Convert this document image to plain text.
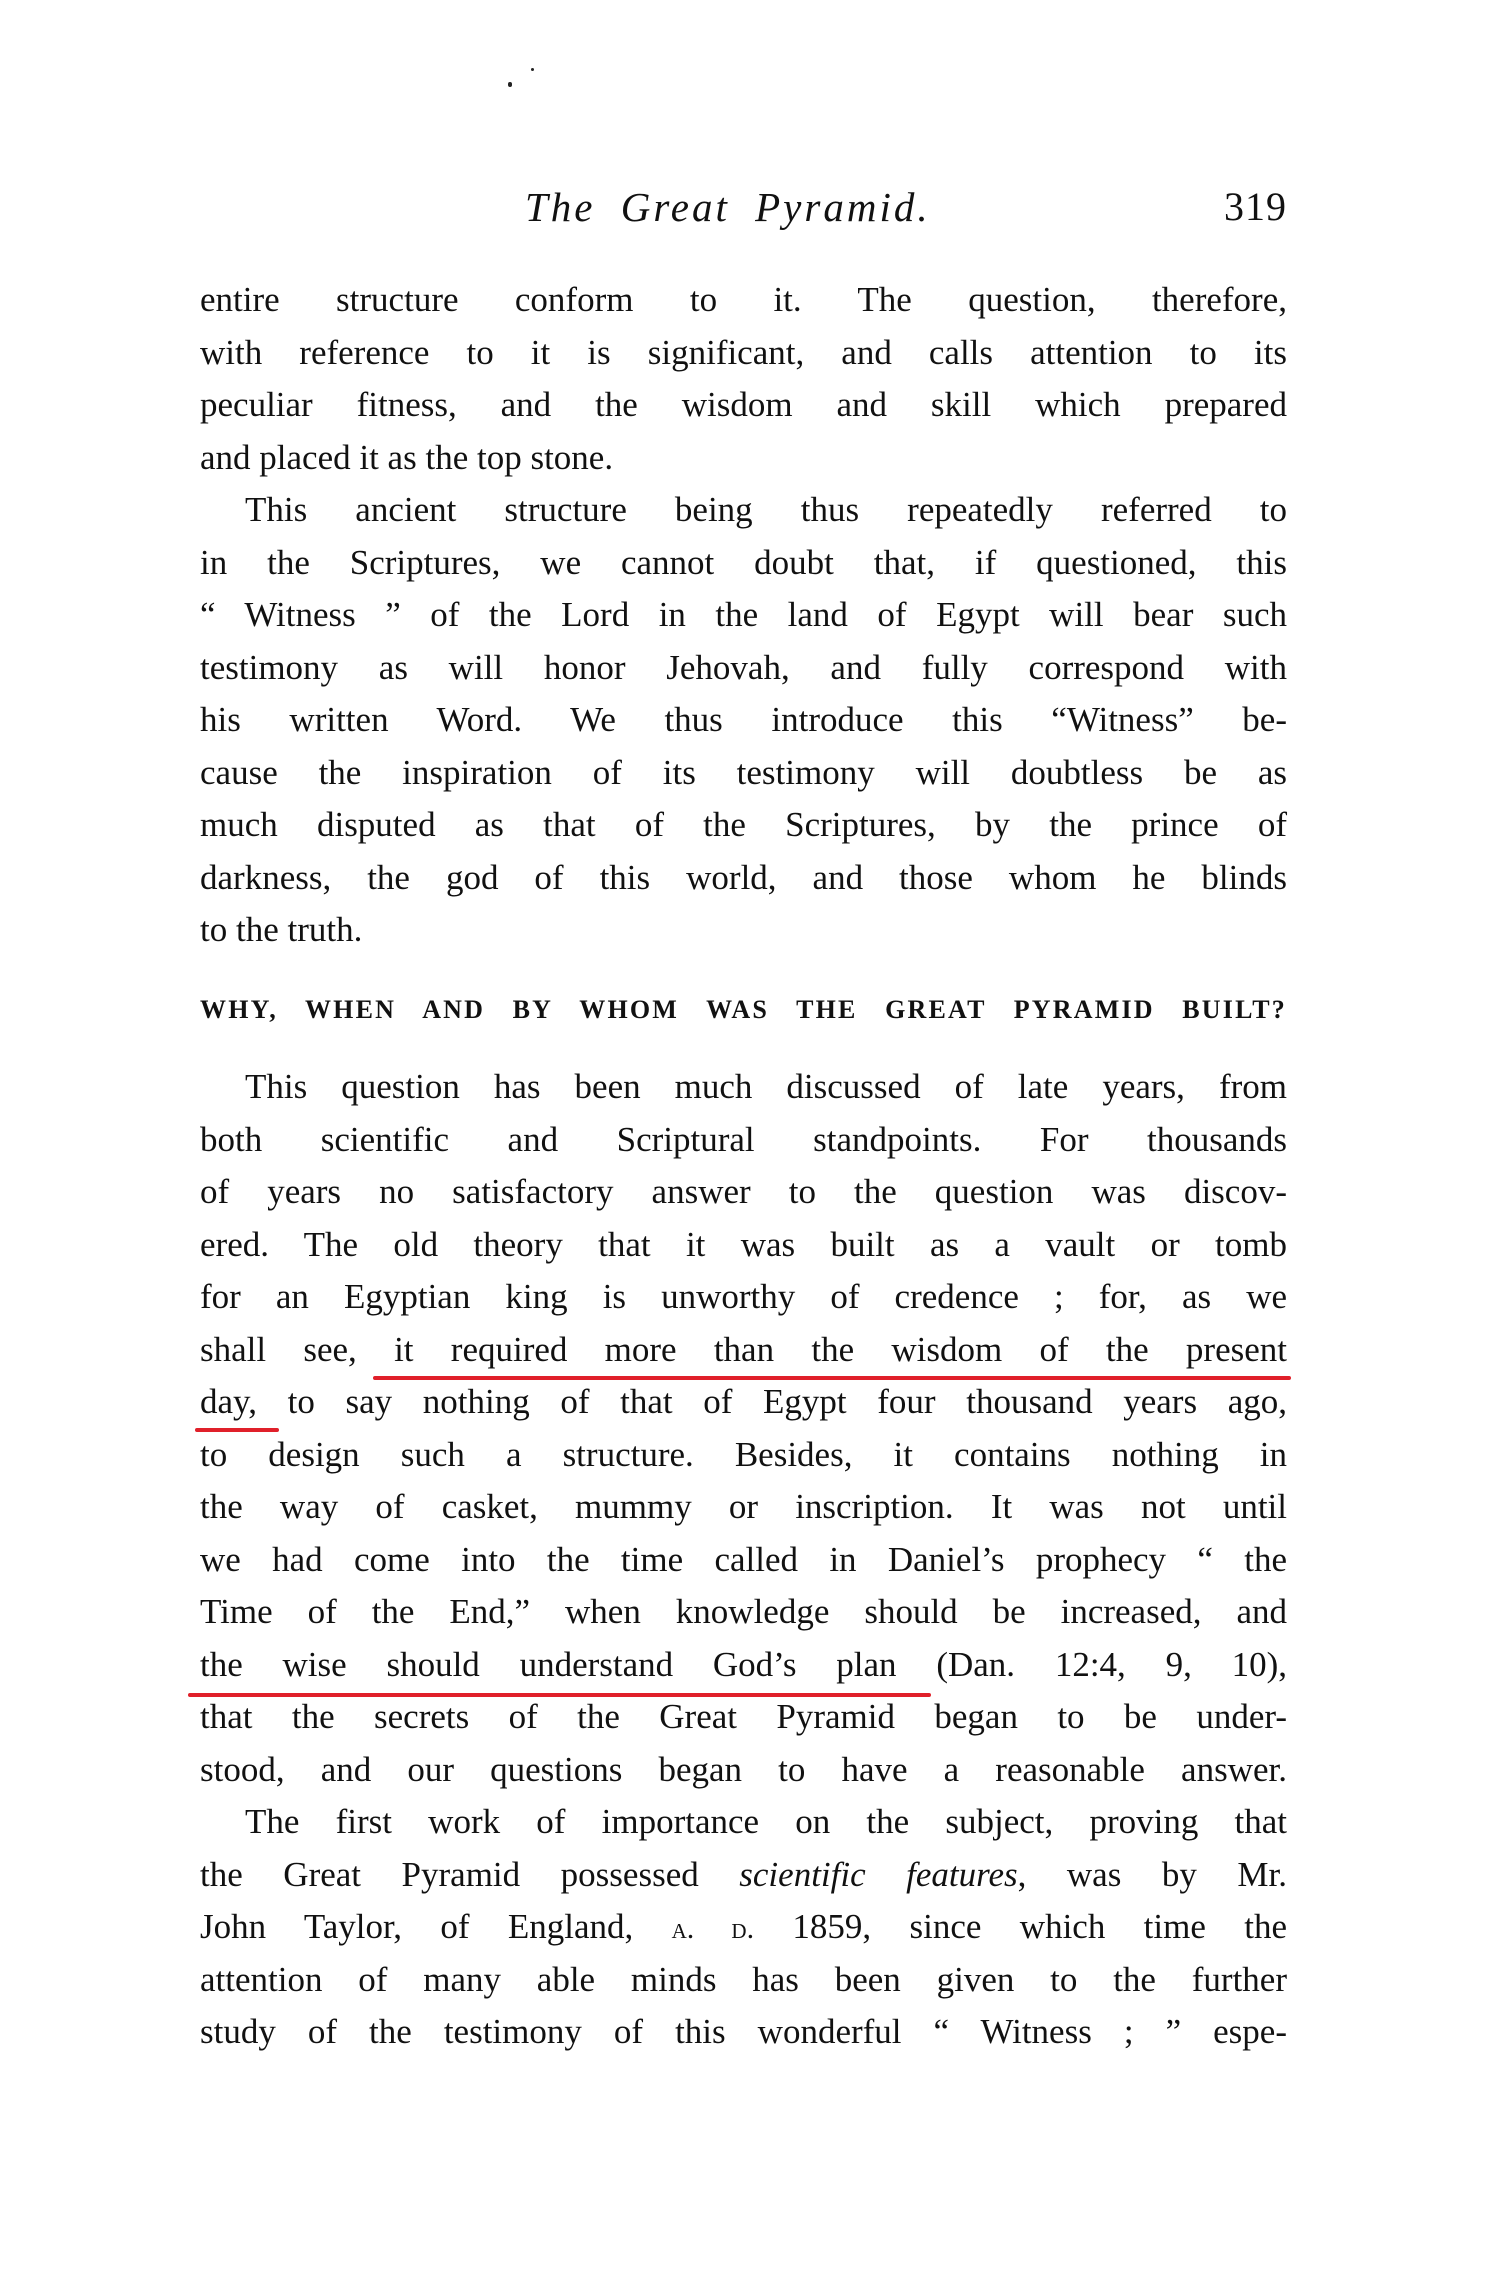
The Great Pyramid.	319
entire structure conform to it. The question, therefore,
with reference to it is significant, and calls attention to its
peculiar fitness, and the wisdom and skill which prepared
and placed it as the top stone.
This ancient structure being thus repeatedly referred to
in the Scriptures, we cannot doubt that, if questioned, this
“ Witness ” of the Lord in the land of Egypt will bear such
testimony as will honor Jehovah, and fully correspond with
his written Word. We thus introduce this “Witness” be-
cause the inspiration of its testimony will doubtless be as
much disputed as that of the Scriptures, by the prince of
darkness, the god of this world, and those whom he blinds
to the truth.
WHY, WHEN AND BY WHOM WAS THE GREAT PYRAMID BUILT?
This question has been much discussed of late years, from
both scientific and Scriptural standpoints. For thousands
of years no satisfactory answer to the question was discov-
ered. The old theory that it was built as a vault or tomb
for an Egyptian king is unworthy of credence ; for, as we
shall see, it required more than the wisdom of the present
day, to say nothing of that of Egypt four thousand years ago,
to design such a structure. Besides, it contains nothing in
the way of casket, mummy or inscription. It was not until
we had come into the time called in Daniel’s prophecy “ the
Time of the End,” when knowledge should be increased, and
the wise should understand God’s plan (Dan. 12:4, 9, 10),
that the secrets of the Great Pyramid began to be under-
stood, and our questions began to have a reasonable answer.
The first work of importance on the subject, proving that
the Great Pyramid possessed scientific features, was by Mr.
John Taylor, of England, a. d. 1859, since which time the
attention of many able minds has been given to the further
study of the testimony of this wonderful “ Witness ; ” espe-
